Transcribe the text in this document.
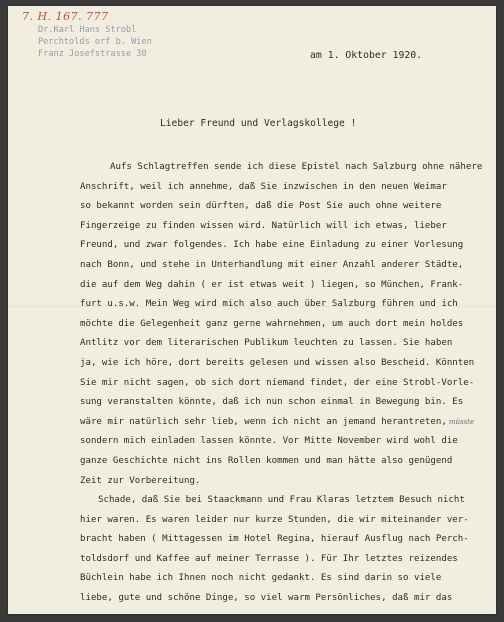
7. H. 167. 777
Dr.Karl Hans Strobl
Perchtolds orf b. Wien
Franz Josefstrasse 30	am 1. Oktober 1920.
Lieber Freund und Verlagskollege !
Aufs Schlagtreffen sende ich diese Epistel nach Salzburg ohne nähere
Anschrift, weil ich annehme, daß Sie inzwischen in den neuen Weimar
so bekannt worden sein dürften, daß die Post Sie auch ohne weitere
Fingerzeige zu finden wissen wird. Natürlich will ich etwas, lieber
Freund, und zwar folgendes. Ich habe eine Einladung zu einer Vorlesung
nach Bonn, und stehe in Unterhandlung mit einer Anzahl anderer Städte,
die auf dem Weg dahin ( er ist etwas weit ) liegen, so München, Frank-
furt u.s.w. Mein Weg wird mich also auch über Salzburg führen und ich
möchte die Gelegenheit ganz gerne wahrnehmen, um auch dort mein holdes
Antlitz vor dem literarischen Publikum leuchten zu lassen. Sie haben
ja, wie ich höre, dort bereits gelesen und wissen also Bescheid. Könnten
Sie mir nicht sagen, ob sich dort niemand findet, der eine Strobl-Vorle-
sung veranstalten könnte, daß ich nun schon einmal in Bewegung bin. Es
wäre mir natürlich sehr lieb, wenn ich nicht an jemand herantreten, müsste
sondern mich einladen lassen könnte. Vor Mitte November wird wohl die
ganze Geschichte nicht ins Rollen kommen und man hätte also genügend
Zeit zur Vorbereitung.
Schade, daß Sie bei Staackmann und Frau Klaras letztem Besuch nicht
hier waren. Es waren leider nur kurze Stunden, die wir miteinander ver-
bracht haben ( Mittagessen im Hotel Regina, hierauf Ausflug nach Perch-
toldsdorf und Kaffee auf meiner Terrasse ). Für Ihr letztes reizendes
Büchlein habe ich Ihnen noch nicht gedankt. Es sind darin so viele
liebe, gute und schöne Dinge, so viel warm Persönliches, daß mir das
